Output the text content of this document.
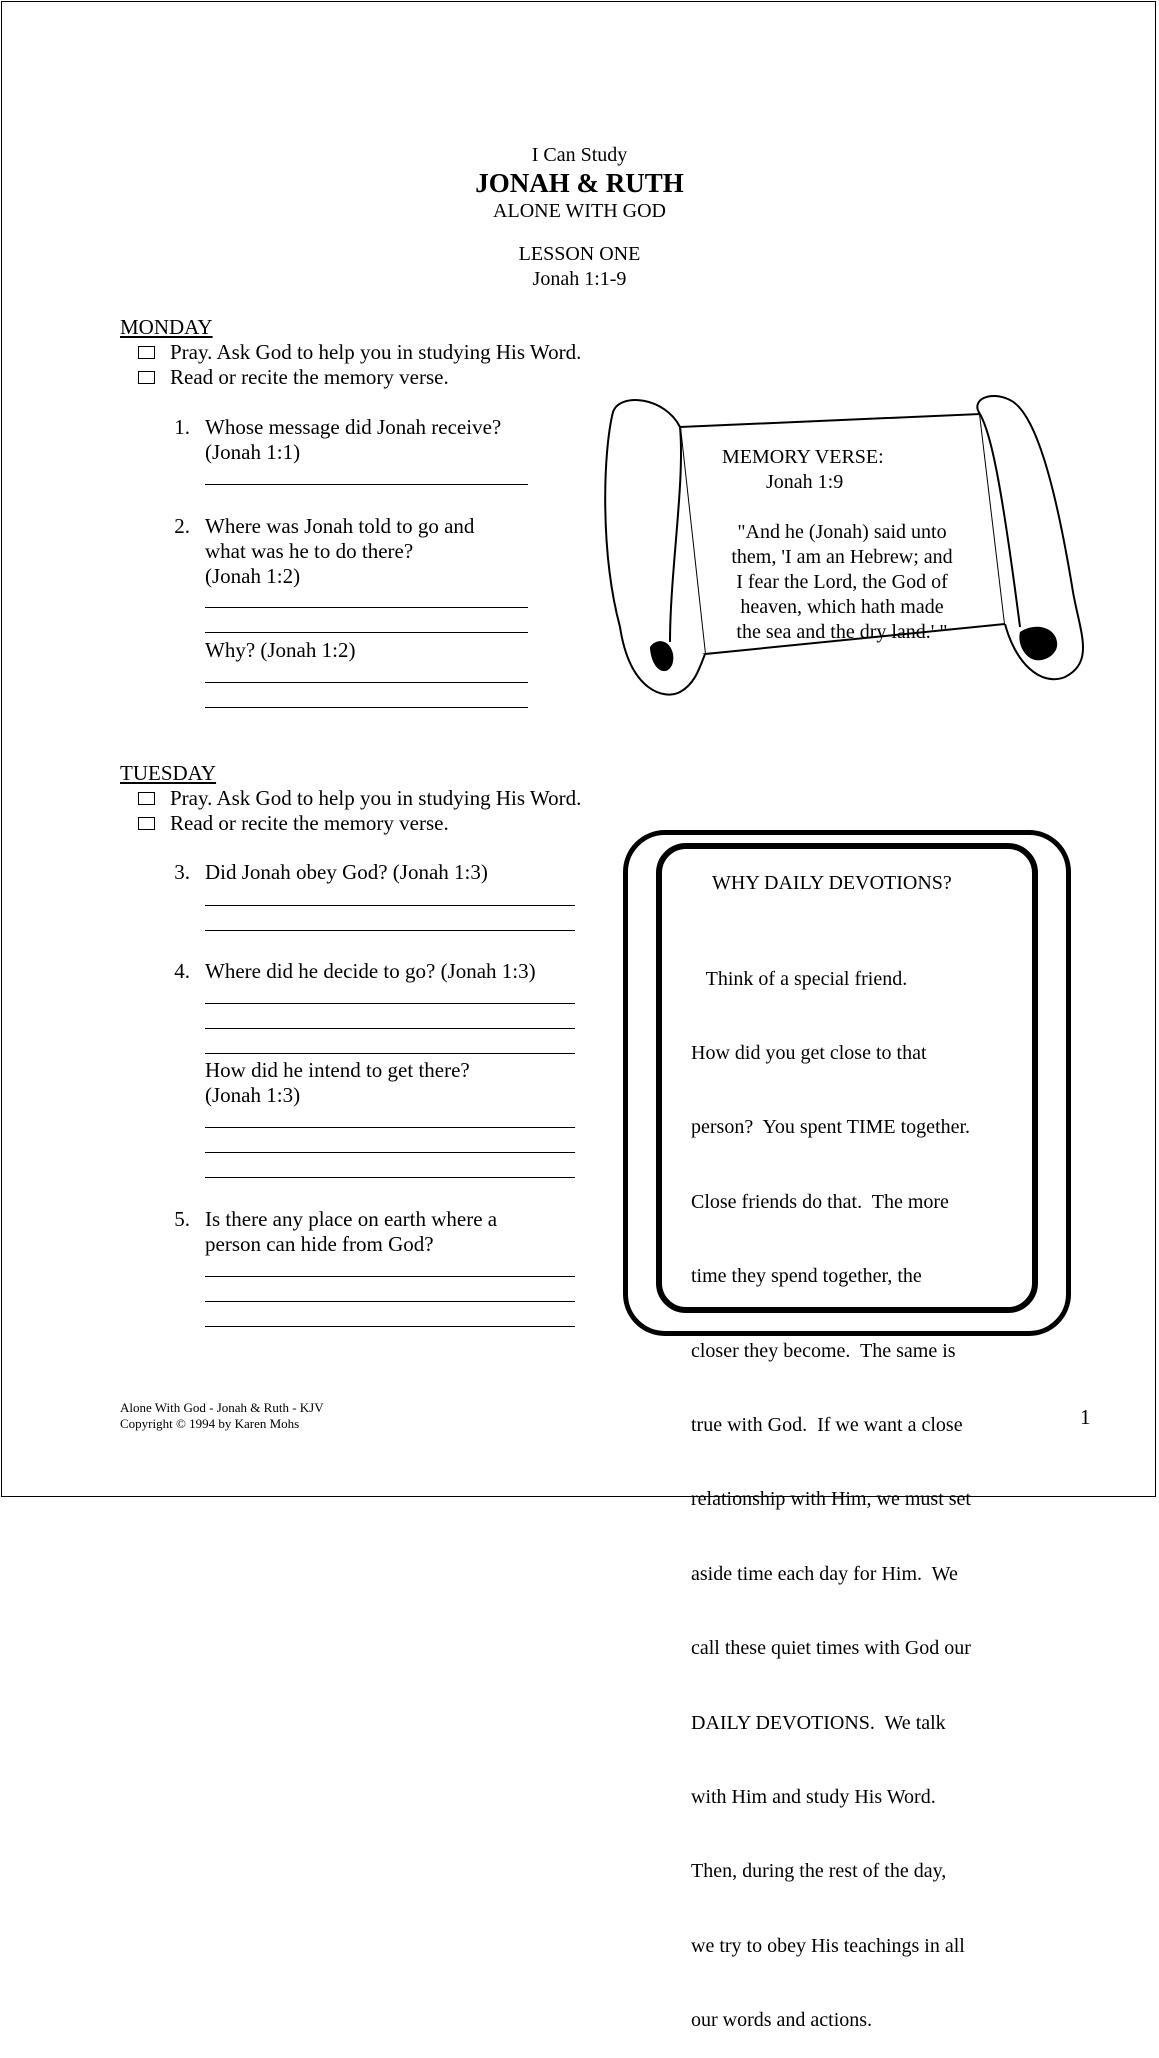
I Can Study
JONAH & RUTH
ALONE WITH GOD
LESSON ONE
Jonah 1:1-9
MONDAY
Pray. Ask God to help you in studying His Word.
Read or recite the memory verse.
1. Whose message did Jonah receive?
(Jonah 1:1)
2. Where was Jonah told to go and
what was he to do there?
(Jonah 1:2)
Why? (Jonah 1:2)
MEMORY VERSE:
Jonah 1:9
"And he (Jonah) said unto
them, 'I am an Hebrew; and
I fear the Lord, the God of
heaven, which hath made
the sea and the dry land.' "
TUESDAY
Pray. Ask God to help you in studying His Word.
Read or recite the memory verse.
3. Did Jonah obey God? (Jonah 1:3)
4. Where did he decide to go? (Jonah 1:3)
How did he intend to get there?
(Jonah 1:3)
5. Is there any place on earth where a
person can hide from God?
WHY DAILY DEVOTIONS?

Think of a special friend.

How did you get close to that

person?  You spent TIME together.

Close friends do that.  The more

time they spend together, the

closer they become.  The same is

true with God.  If we want a close

relationship with Him, we must set

aside time each day for Him.  We

call these quiet times with God our

DAILY DEVOTIONS.  We talk

with Him and study His Word.

Then, during the rest of the day,

we try to obey His teachings in all

our words and actions.

Alone With God - Jonah & Ruth - KJV
Copyright © 1994 by Karen Mohs	1
